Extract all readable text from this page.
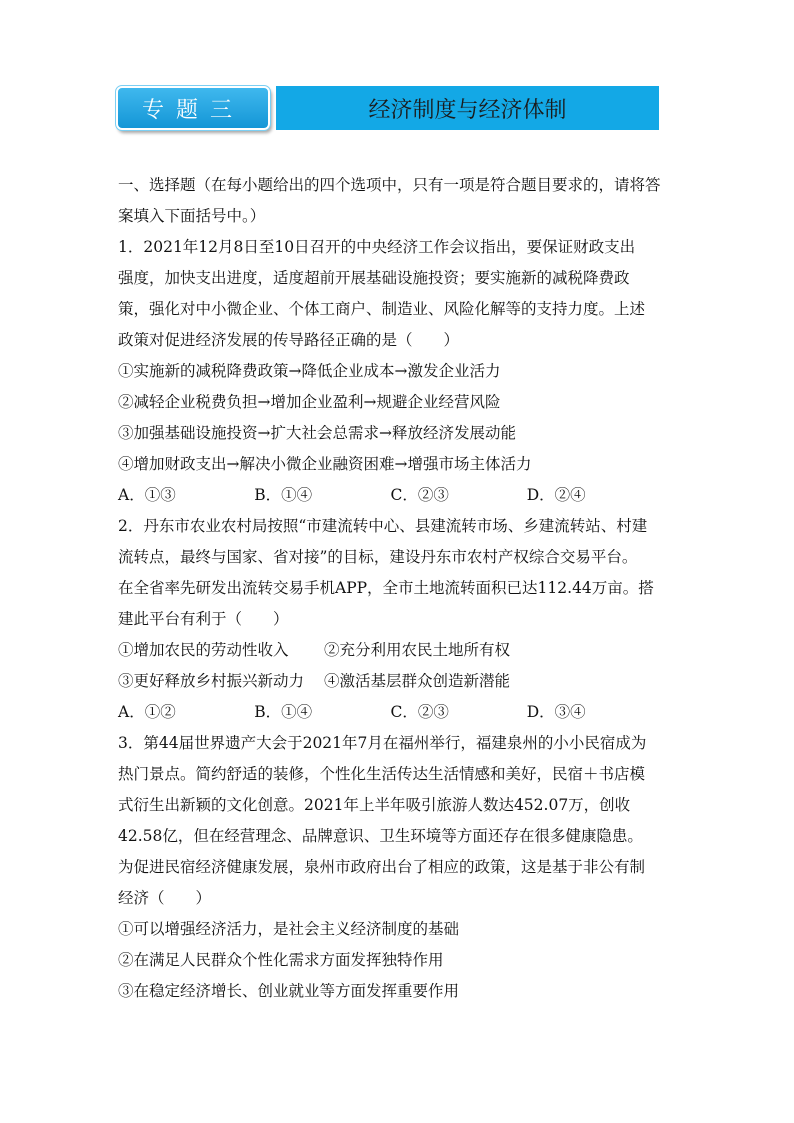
专题三	经济制度与经济体制
一、选择题（在每小题给出的四个选项中，只有一项是符合题目要求的，请将答
案填入下面括号中。）
1．2021年12月8日至10日召开的中央经济工作会议指出，要保证财政支出
强度，加快支出进度，适度超前开展基础设施投资；要实施新的减税降费政
策，强化对中小微企业、个体工商户、制造业、风险化解等的支持力度。上述
政策对促进经济发展的传导路径正确的是（　　）
①实施新的减税降费政策→降低企业成本→激发企业活力
②减轻企业税费负担→增加企业盈利→规避企业经营风险
③加强基础设施投资→扩大社会总需求→释放经济发展动能
④增加财政支出→解决小微企业融资困难→增强市场主体活力
A．①③	B．①④	C．②③	D．②④
2．丹东市农业农村局按照“市建流转中心、县建流转市场、乡建流转站、村建
流转点，最终与国家、省对接”的目标，建设丹东市农村产权综合交易平台。
在全省率先研发出流转交易手机APP，全市土地流转面积已达112.44万亩。搭
建此平台有利于（　　）
①增加农民的劳动性收入	②充分利用农民土地所有权
③更好释放乡村振兴新动力	④激活基层群众创造新潜能
A．①②	B．①④	C．②③	D．③④
3．第44届世界遗产大会于2021年7月在福州举行，福建泉州的小小民宿成为
热门景点。简约舒适的装修，个性化生活传达生活情感和美好，民宿＋书店模
式衍生出新颖的文化创意。2021年上半年吸引旅游人数达452.07万，创收
42.58亿，但在经营理念、品牌意识、卫生环境等方面还存在很多健康隐患。
为促进民宿经济健康发展，泉州市政府出台了相应的政策，这是基于非公有制
经济（　　）
①可以增强经济活力，是社会主义经济制度的基础
②在满足人民群众个性化需求方面发挥独特作用
③在稳定经济增长、创业就业等方面发挥重要作用
